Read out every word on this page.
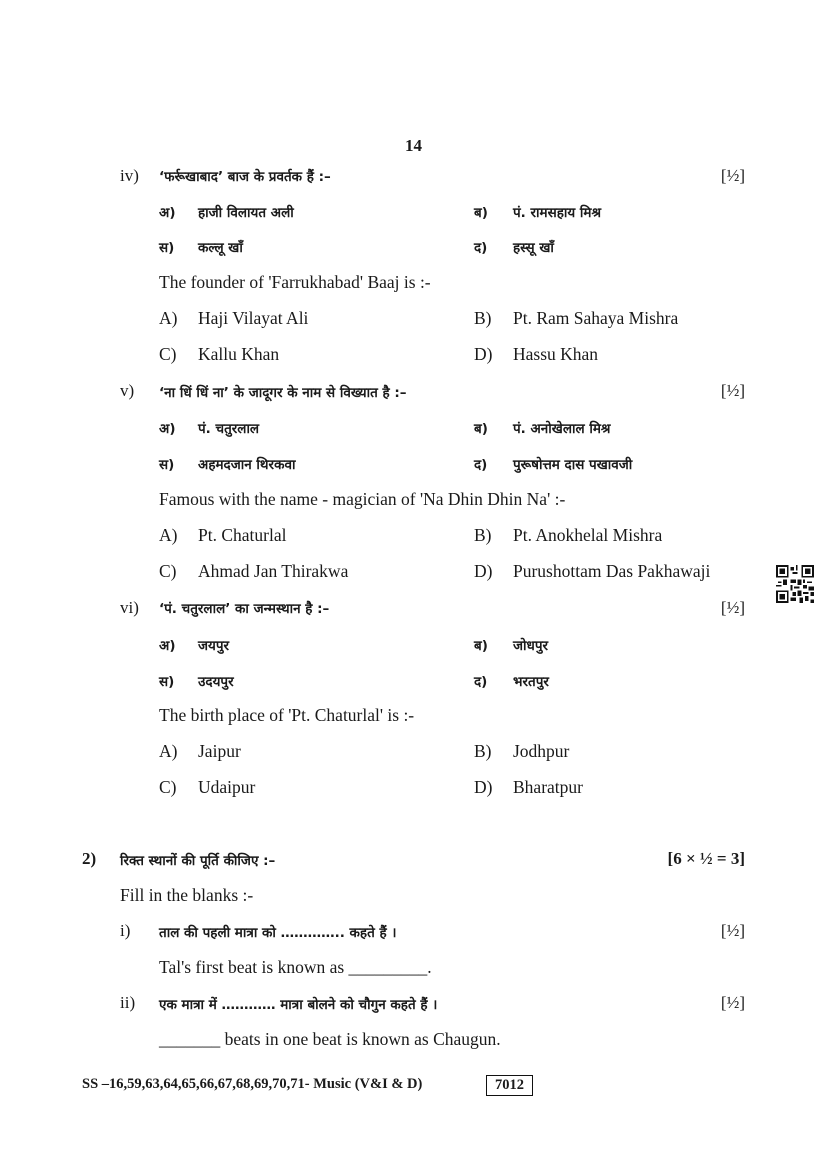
14
iv) ‘फर्रूखाबाद’ बाज के प्रवर्तक हैं :–	[½]
अ) हाजी विलायत अली	ब) पं. रामसहाय मिश्र
स) कल्लू खाँ	द) हस्सू खाँ
The founder of 'Farrukhabad' Baaj is :-
A) Haji Vilayat Ali	B) Pt. Ram Sahaya Mishra
C) Kallu Khan	D) Hassu Khan
v) ‘ना धिं धिं ना’ के जादूगर के नाम से विख्यात है :–	[½]
अ) पं. चतुरलाल	ब) पं. अनोखेलाल मिश्र
स) अहमदजान थिरकवा	द) पुरूषोत्तम दास पखावजी
Famous with the name - magician of 'Na Dhin Dhin Na' :-
A) Pt. Chaturlal	B) Pt. Anokhelal Mishra
C) Ahmad Jan Thirakwa	D) Purushottam Das Pakhawaji
vi) ‘पं. चतुरलाल’ का जन्मस्थान है :–	[½]
अ) जयपुर	ब) जोधपुर
स) उदयपुर	द) भरतपुर
The birth place of 'Pt. Chaturlal' is :-
A) Jaipur	B) Jodhpur
C) Udaipur	D) Bharatpur
2) रिक्त स्थानों की पूर्ति कीजिए :–	[6 × ½ = 3]
Fill in the blanks :-
i) ताल की पहली मात्रा को ………….. कहते हैं ।	[½]
Tal's first beat is known as _________.
ii) एक मात्रा में ………… मात्रा बोलने को चौगुन कहते हैं ।	[½]
_______ beats in one beat is known as Chaugun.
SS –16,59,63,64,65,66,67,68,69,70,71- Music (V&I & D)	7012
